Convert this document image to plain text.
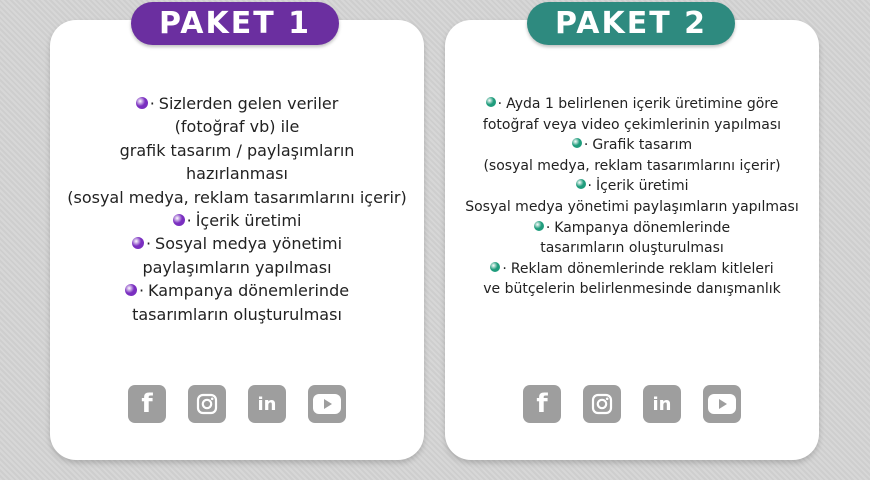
· Sizlerden gelen veriler
(fotoğraf vb) ile
grafik tasarım / paylaşımların
hazırlanması
(sosyal medya, reklam tasarımlarını içerir)
· İçerik üretimi
· Sosyal medya yönetimi
paylaşımların yapılması
· Kampanya dönemlerinde
tasarımların oluşturulması
f	in
PAKET 1
· Ayda 1 belirlenen içerik üretimine göre
fotoğraf veya video çekimlerinin yapılması
· Grafik tasarım
(sosyal medya, reklam tasarımlarını içerir)
· İçerik üretimi
Sosyal medya yönetimi paylaşımların yapılması
· Kampanya dönemlerinde
tasarımların oluşturulması
· Reklam dönemlerinde reklam kitleleri
ve bütçelerin belirlenmesinde danışmanlık
f	in
PAKET 2
